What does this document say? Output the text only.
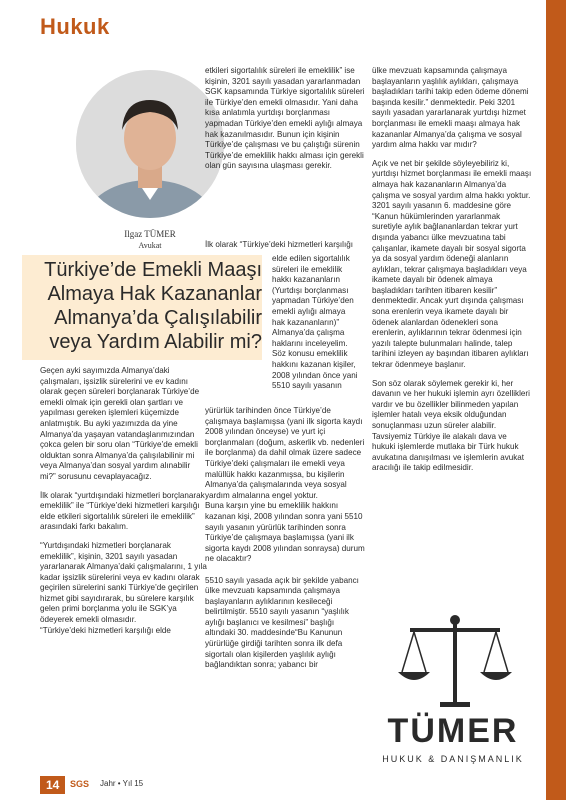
Hukuk
Ilgaz TÜMER
Avukat
Türkiye’de Emekli Maaşı Almaya Hak Kazananlar Almanya’da Çalışılabilir veya Yardım Alabilir mi?

Geçen ayki sayımızda Almanya’daki çalışmaları, işsizlik sürelerini ve ev kadını olarak geçen süreleri borçlanarak Türkiye’de emekli olmak için gerekli olan şartları ve yapılması gereken işlemleri küçemizde anlatmıştık. Bu ayki yazımızda da yine Almanya’da yaşayan vatandaşlarımızından çokca gelen bir soru olan “Türkiye’de emekli olduktan sonra Almanya’da çalışılabilinir mi veya Almanya’dan sosyal yardım alınabilir mi?” sorusunu cevaplayacağız.

İlk olarak “yurtdışındaki hizmetleri borçlanarak emeklilik” ile “Türkiye’deki hizmetleri karşılığı elde etkileri sigortalılık süreleri ile emeklilik” arasındaki farkı bakalım.

“Yurtdışındaki hizmetleri borçlanarak emeklilik”, kişinin, 3201 sayılı yasadan yararlanarak Almanya’daki çalışmalarını, 1 yıla kadar işsizlik sürelerini veya ev kadını olarak geçirilen sürelerini sanki Türkiye’de geçirilen hizmet gibi sayıdırarak, bu sürelere karşılık gelen primi borçlanma yolu ile SGK’ya ödeyerek emekli olmasıdır.
“Türkiye’deki hizmetleri karşılığı elde

etkileri sigortalılık süreleri ile emeklilik” ise kişinin, 3201 sayılı yasadan yararlanmadan SGK kapsamında Türkiye sigortalılık süreleri ile Türkiye’den emekli olmasıdır. Yani daha kısa anlatımla yurtdışı borçlanması yapmadan Türkiye’den emekli aylığı almaya hak kazanılmasıdır. Bunun için kişinin Türkiye’de çalışması ve bu çalıştığı sürenin Türkiye’de emeklilik hakkı alması için gerekli olan gün sayısına ulaşması gerekir.

İlk olarak “Türkiye’deki hizmetleri karşılığı

elde edilen sigortalılık süreleri ile emeklilik hakkı kazananların (Yurtdışı borçlanması yapmadan Türkiye’den emekli aylığı almaya hak kazananların)” Almanya’da çalışma haklarını inceleyelim.
Söz konusu emeklilik hakkını kazanan kişiler, 2008 yılından önce yani 5510 sayılı yasanın

yürürlük tarihinden önce Türkiye’de çalışmaya başlamışsa (yani ilk sigorta kaydı 2008 yılından önceyse) ve yurt içi borçlanmaları (doğum, askerlik vb. nedenleri ile borçlanma) da dahil olmak üzere sadece Türkiye’deki çalışmaları ile emekli veya malüllük hakkı kazanmışsa, bu kişilerin Almanya’da çalışmalarında veya sosyal yardım almalarına engel yoktur.
Buna karşın yine bu emeklilik hakkını kazanan kişi, 2008 yılından sonra yani 5510 sayılı yasanın yürürlük tarihinden sonra Türkiye’de çalışmaya başlamışsa (yani ilk sigorta kaydı 2008 yılından sonraysa) durum ne olacaktır?

5510 sayılı yasada açık bir şekilde yabancı ülke mevzuatı kapsamında çalışmaya başlayanların aylıklarının kesileceği belirtilmiştir. 5510 sayılı yasanın “yaşlılık aylığı başlanıcı ve kesilmesi” başlığı altındaki 30. maddesinde“Bu Kanunun yürürlüğe girdiği tarihten sonra ilk defa sigortalı olan kişilerden yaşlılık aylığı bağlandıktan sonra; yabancı bir

ülke mevzuatı kapsamında çalışmaya başlayanların yaşlılık aylıkları, çalışmaya başladıkları tarihi takip eden ödeme dönemi başında kesilir.” denmektedir. Peki 3201 sayılı yasadan yararlanarak yurtdışı hizmet borçlanması ile emekli maaşı almaya hak kazananlar Almanya’da çalışma ve sosyal yardım alma hakkı var mıdır?

Açık ve net bir şekilde söyleyebiliriz ki, yurtdışı hizmet borçlanması ile emekli maaşı almaya hak kazananların Almanya’da çalışma ve sosyal yardım alma hakkı yoktur. 3201 sayılı yasanın 6. maddesine göre “Kanun hükümlerinden yararlanmak suretiyle aylık bağlananlardan tekrar yurt dışında yabancı ülke mevzuatına tabi çalışanlar, ikamete dayalı bir sosyal sigorta ya da sosyal yardım ödeneği alanların aylıkları, tekrar çalışmaya başladıkları veya ikamete dayalı bir ödenek almaya başladıkları tarihten itibaren kesilir” denmektedir. Ancak yurt dışında çalışması sona erenlerin veya ikamete dayalı bir ödenek alanlardan ödenekleri sona erenlerin, aylıklarının tekrar ödenmesi için yazılı talepte bulunmaları halinde, talep tarihini izleyen ay başından itibaren aylıkları tekrar ödenmeye başlanır.

Son söz olarak söylemek gerekir ki, her davanın ve her hukuki işlemin ayrı özellikleri vardır ve bu özellikler bilinmeden yapılan işlemler hatalı veya eksik olduğundan sonuçlanması uzun süreler alabilir. Tavsiyemiz Türkiye ile alakalı dava ve hukuki işlemlerde mutlaka bir Türk hukuk avukatına danışılması ve işlemlerin avukat aracılığı ile takip edilmesidir.

TÜMER
HUKUK & DANIŞMANLIK
14	SGS Jahr • Yıl 15
